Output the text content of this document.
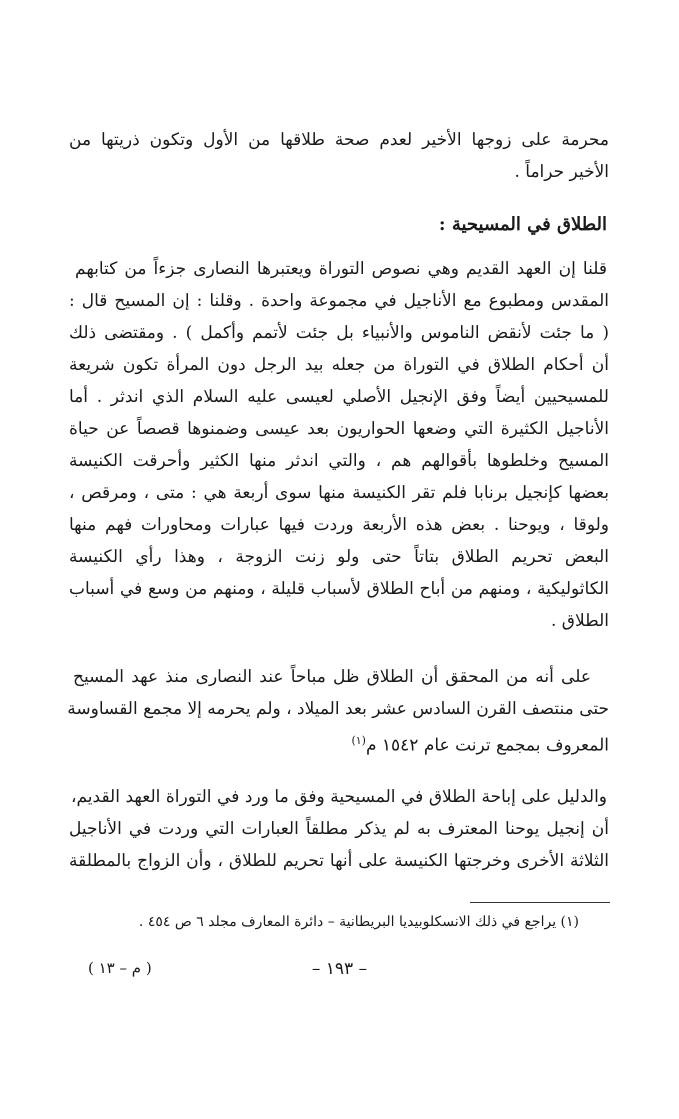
محرمة على زوجها الأخير لعدم صحة طلاقها من الأول وتكون ذريتها من
الأخير حراماً .
الطلاق في المسيحية :
قلنا إن العهد القديم وهي نصوص التوراة ويعتبرها النصارى جزءاً من كتابهم
المقدس ومطبوع مع الأناجيل في مجموعة واحدة . وقلنا : إن المسيح قال :
( ما جئت لأنقض الناموس والأنبياء بل جئت لأتمم وأكمل ) . ومقتضى ذلك
أن أحكام الطلاق في التوراة من جعله بيد الرجل دون المرأة تكون شريعة
للمسيحيين أيضاً وفق الإنجيل الأصلي لعيسى عليه السلام الذي اندثر . أما
الأناجيل الكثيرة التي وضعها الحواريون بعد عيسى وضمنوها قصصاً عن حياة
المسيح وخلطوها بأقوالهم هم ، والتي اندثر منها الكثير وأحرقت الكنيسة
بعضها كإنجيل برنابا فلم تقر الكنيسة منها سوى أربعة هي : متى ، ومرقص ،
ولوقا ، ويوحنا . بعض هذه الأربعة وردت فيها عبارات ومحاورات فهم منها
البعض تحريم الطلاق بتاتاً حتى ولو زنت الزوجة ، وهذا رأي الكنيسة
الكاثوليكية ، ومنهم من أباح الطلاق لأسباب قليلة ، ومنهم من وسع في أسباب
الطلاق .
على أنه من المحقق أن الطلاق ظل مباحاً عند النصارى منذ عهد المسيح
حتى منتصف القرن السادس عشر بعد الميلاد ، ولم يحرمه إلا مجمع القساوسة
المعروف بمجمع ترنت عام ١٥٤٢ م$^{(١)}$
والدليل على إباحة الطلاق في المسيحية وفق ما ورد في التوراة العهد القديم،
أن إنجيل يوحنا المعترف به لم يذكر مطلقاً العبارات التي وردت في الأناجيل
الثلاثة الأخرى وخرجتها الكنيسة على أنها تحريم للطلاق ، وأن الزواج بالمطلقة
(١) يراجع في ذلك الانسكلوبيديا البريطانية – دائرة المعارف مجلد ٦ ص ٤٥٤ .
– ١٩٣ –
( م – ١٣ )
